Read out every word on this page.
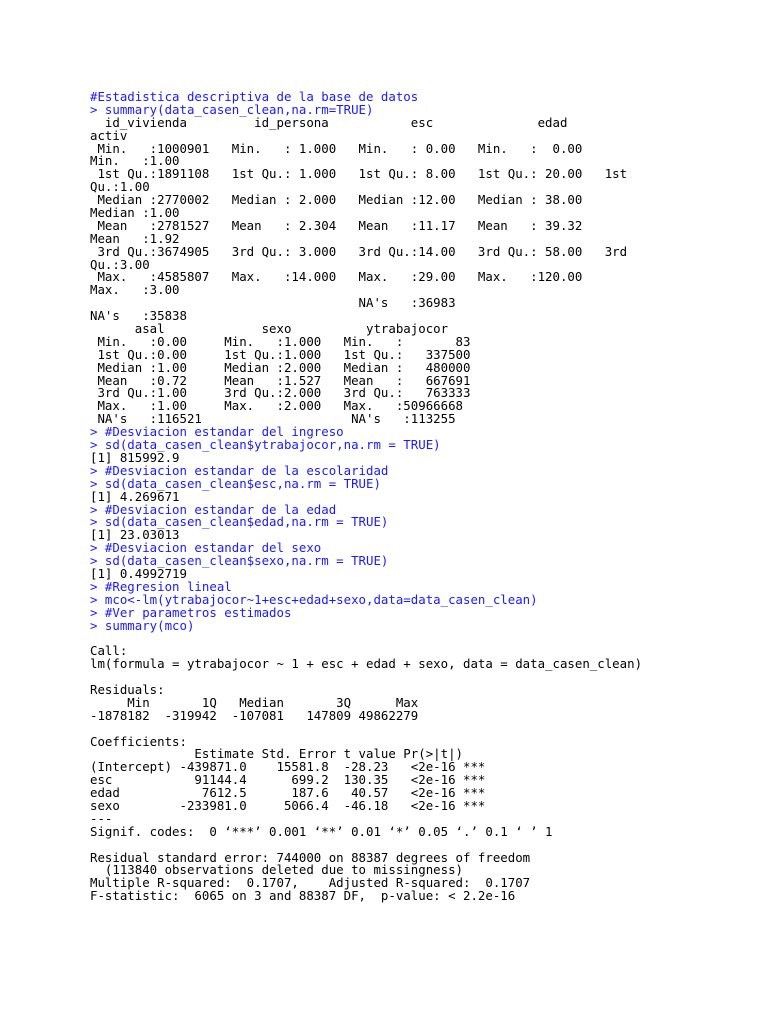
#Estadistica descriptiva de la base de datos
> summary(data_casen_clean,na.rm=TRUE)
id_vivienda         id_persona           esc              edad
activ
Min.   :1000901   Min.   : 1.000   Min.   : 0.00   Min.   :  0.00
Min.   :1.00
1st Qu.:1891108   1st Qu.: 1.000   1st Qu.: 8.00   1st Qu.: 20.00   1st
Qu.:1.00
Median :2770002   Median : 2.000   Median :12.00   Median : 38.00
Median :1.00
Mean   :2781527   Mean   : 2.304   Mean   :11.17   Mean   : 39.32
Mean   :1.92
3rd Qu.:3674905   3rd Qu.: 3.000   3rd Qu.:14.00   3rd Qu.: 58.00   3rd
Qu.:3.00
Max.   :4585807   Max.   :14.000   Max.   :29.00   Max.   :120.00
Max.   :3.00
NA's   :36983
NA's   :35838
asal             sexo          ytrabajocor
Min.   :0.00     Min.   :1.000   Min.   :       83
1st Qu.:0.00     1st Qu.:1.000   1st Qu.:   337500
Median :1.00     Median :2.000   Median :   480000
Mean   :0.72     Mean   :1.527   Mean   :   667691
3rd Qu.:1.00     3rd Qu.:2.000   3rd Qu.:   763333
Max.   :1.00     Max.   :2.000   Max.   :50966668
NA's   :116521                    NA's   :113255
> #Desviacion estandar del ingreso
> sd(data_casen_clean$ytrabajocor,na.rm = TRUE)
[1] 815992.9
> #Desviacion estandar de la escolaridad
> sd(data_casen_clean$esc,na.rm = TRUE)
[1] 4.269671
> #Desviacion estandar de la edad
> sd(data_casen_clean$edad,na.rm = TRUE)
[1] 23.03013
> #Desviacion estandar del sexo
> sd(data_casen_clean$sexo,na.rm = TRUE)
[1] 0.4992719
> #Regresion lineal
> mco<-lm(ytrabajocor~1+esc+edad+sexo,data=data_casen_clean)
> #Ver parametros estimados
> summary(mco)
Call:
lm(formula = ytrabajocor ~ 1 + esc + edad + sexo, data = data_casen_clean)
Residuals:
Min       1Q   Median       3Q      Max
-1878182  -319942  -107081   147809 49862279
Coefficients:
Estimate Std. Error t value Pr(>|t|)
(Intercept) -439871.0    15581.8  -28.23   <2e-16 ***
esc           91144.4      699.2  130.35   <2e-16 ***
edad           7612.5      187.6   40.57   <2e-16 ***
sexo        -233981.0     5066.4  -46.18   <2e-16 ***
---
Signif. codes:  0 ‘***’ 0.001 ‘**’ 0.01 ‘*’ 0.05 ‘.’ 0.1 ‘ ’ 1
Residual standard error: 744000 on 88387 degrees of freedom
(113840 observations deleted due to missingness)
Multiple R-squared:  0.1707,	Adjusted R-squared:  0.1707
F-statistic:  6065 on 3 and 88387 DF,  p-value: < 2.2e-16
